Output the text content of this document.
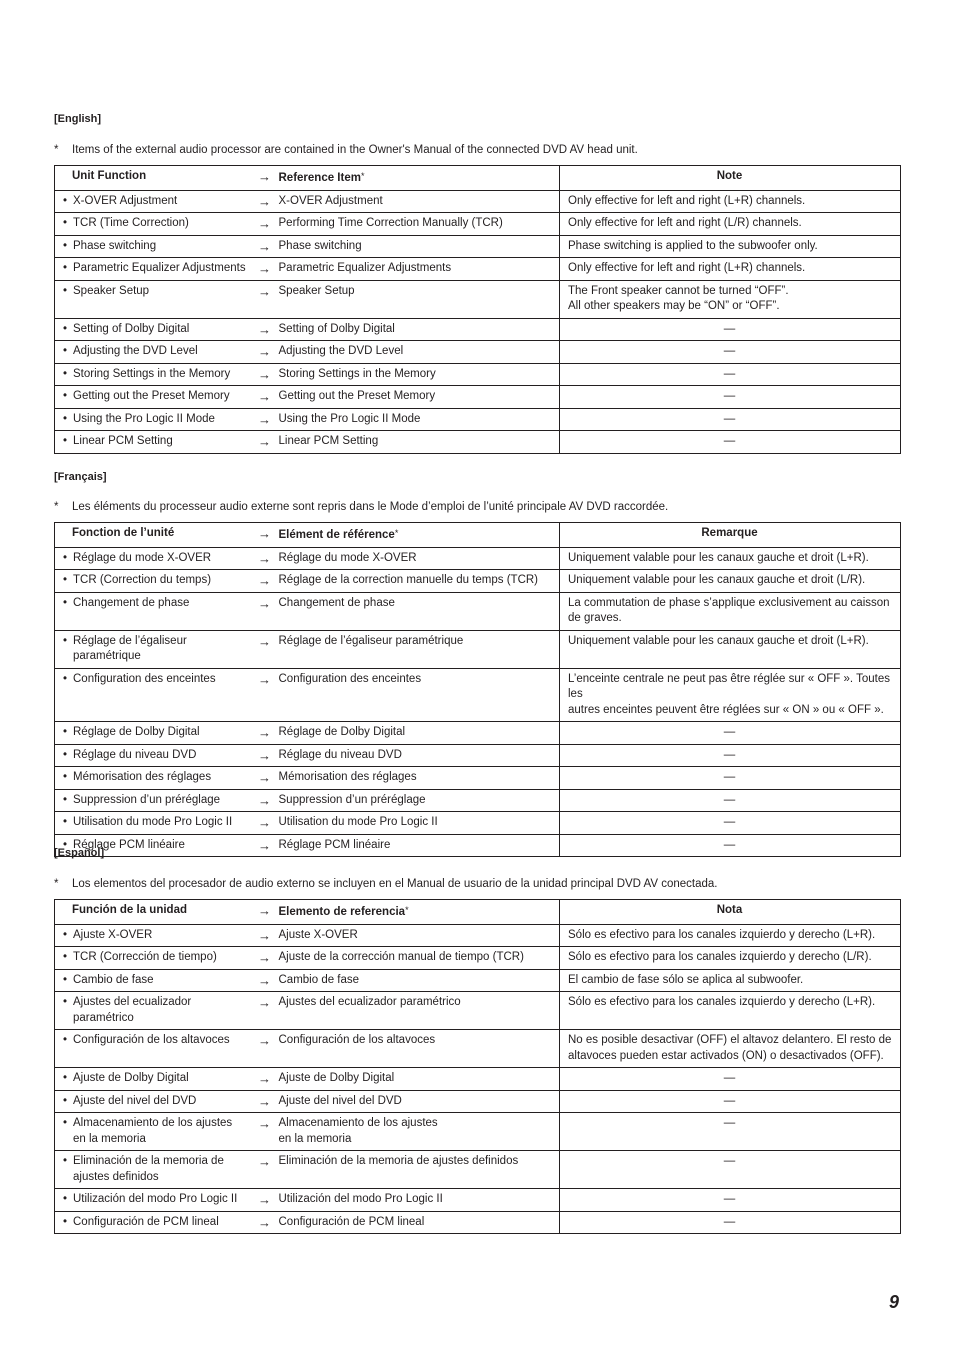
[English]
* Items of the external audio processor are contained in the Owner's Manual of the connected DVD AV head unit.
Unit Function	→	Reference Item*	Note

• X-OVER Adjustment	→	X-OVER Adjustment	Only effective for left and right (L+R) channels.

• TCR (Time Correction)	→	Performing Time Correction Manually (TCR)	Only effective for left and right (L/R) channels.

• Phase switching	→	Phase switching	Phase switching is applied to the subwoofer only.

• Parametric Equalizer Adjustments	→	Parametric Equalizer Adjustments	Only effective for left and right (L+R) channels.

• Speaker Setup	→	Speaker Setup	The Front speaker cannot be turned “OFF”.
All other speakers may be “ON” or “OFF”.

• Setting of Dolby Digital	→	Setting of Dolby Digital	—

• Adjusting the DVD Level	→	Adjusting the DVD Level	—

• Storing Settings in the Memory	→	Storing Settings in the Memory	—

• Getting out the Preset Memory	→	Getting out the Preset Memory	—

• Using the Pro Logic II Mode	→	Using the Pro Logic II Mode	—

• Linear PCM Setting	→	Linear PCM Setting	—
[Français]
* Les éléments du processeur audio externe sont repris dans le Mode d’emploi de l’unité principale AV DVD raccordée.
Fonction de l’unité	→	Elément de référence*	Remarque

• Réglage du mode X-OVER	→	Réglage du mode X-OVER	Uniquement valable pour les canaux gauche et droit (L+R).

• TCR (Correction du temps)	→	Réglage de la correction manuelle du temps (TCR)	Uniquement valable pour les canaux gauche et droit (L/R).

• Changement de phase	→	Changement de phase	La commutation de phase s’applique exclusivement au caisson
de graves.

• Réglage de l’égaliseur paramétrique	→	Réglage de l’égaliseur paramétrique	Uniquement valable pour les canaux gauche et droit (L+R).

• Configuration des enceintes	→	Configuration des enceintes	L’enceinte centrale ne peut pas être réglée sur « OFF ». Toutes les
autres enceintes peuvent être réglées sur « ON » ou « OFF ».

• Réglage de Dolby Digital	→	Réglage de Dolby Digital	—

• Réglage du niveau DVD	→	Réglage du niveau DVD	—

• Mémorisation des réglages	→	Mémorisation des réglages	—

• Suppression d’un préréglage	→	Suppression d’un préréglage	—

• Utilisation du mode Pro Logic II	→	Utilisation du mode Pro Logic II	—

• Réglage PCM linéaire	→	Réglage PCM linéaire	—
[Español]
* Los elementos del procesador de audio externo se incluyen en el Manual de usuario de la unidad principal DVD AV conectada.
Función de la unidad	→	Elemento de referencia*	Nota

• Ajuste X-OVER	→	Ajuste X-OVER	Sólo es efectivo para los canales izquierdo y derecho (L+R).

• TCR (Corrección de tiempo)	→	Ajuste de la corrección manual de tiempo (TCR)	Sólo es efectivo para los canales izquierdo y derecho (L/R).

• Cambio de fase	→	Cambio de fase	El cambio de fase sólo se aplica al subwoofer.

• Ajustes del ecualizador paramétrico	→	Ajustes del ecualizador paramétrico	Sólo es efectivo para los canales izquierdo y derecho (L+R).

• Configuración de los altavoces	→	Configuración de los altavoces	No es posible desactivar (OFF) el altavoz delantero. El resto de
altavoces pueden estar activados (ON) o desactivados (OFF).

• Ajuste de Dolby Digital	→	Ajuste de Dolby Digital	—

• Ajuste del nivel del DVD	→	Ajuste del nivel del DVD	—

• Almacenamiento de los ajustes
en la memoria	→	Almacenamiento de los ajustes
en la memoria	—

• Eliminación de la memoria de
ajustes definidos	→	Eliminación de la memoria de ajustes definidos	—

• Utilización del modo Pro Logic II	→	Utilización del modo Pro Logic II	—

• Configuración de PCM lineal	→	Configuración de PCM lineal	—
9
